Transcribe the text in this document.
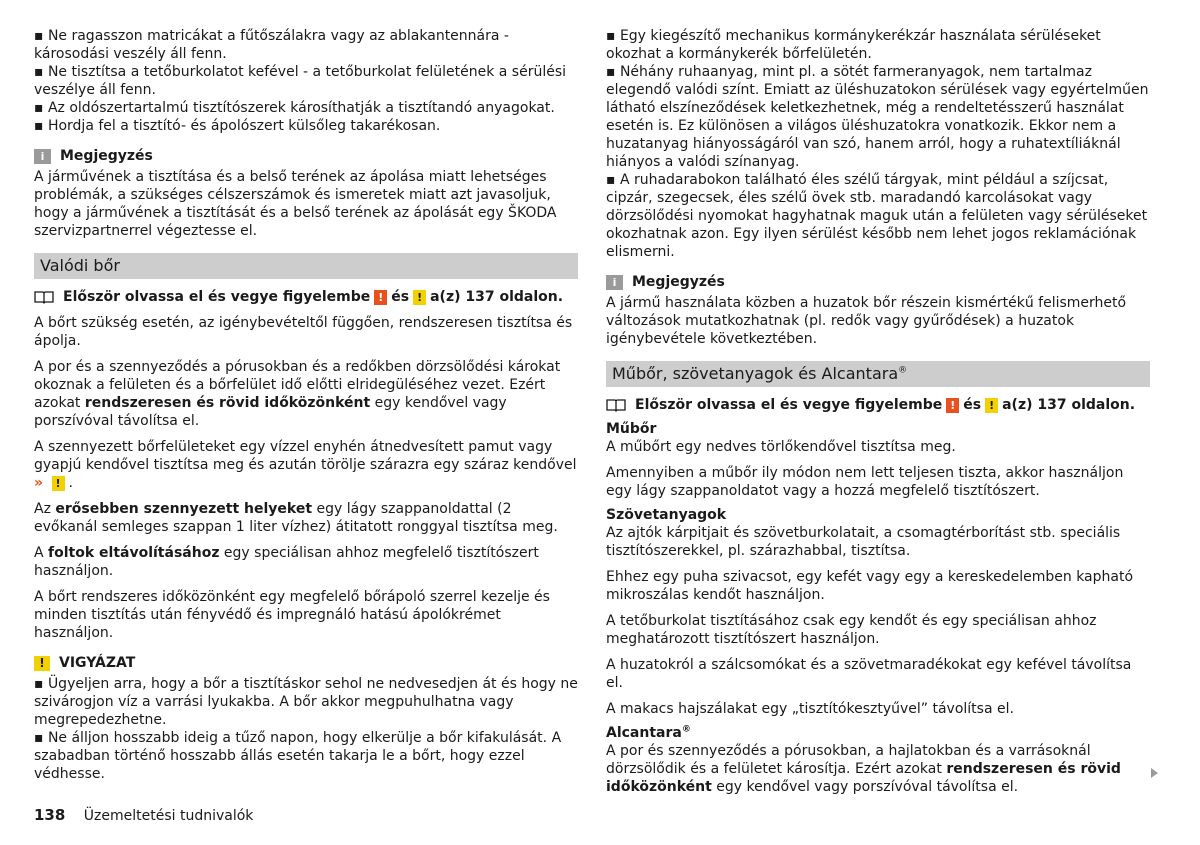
▪ Ne ragasszon matricákat a fűtőszálakra vagy az ablakantennára - károsodási veszély áll fenn.

▪ Ne tisztítsa a tetőburkolatot kefével - a tetőburkolat felületének a sérülési veszélye áll fenn.

▪ Az oldószertartalmú tisztítószerek károsíthatják a tisztítandó anyagokat.

▪ Hordja fel a tisztító- és ápolószert külsőleg takarékosan.

i	Megjegyzés

A járművének a tisztítása és a belső terének az ápolása miatt lehetséges problémák, a szükséges célszerszámok és ismeretek miatt azt javasoljuk, hogy a járművének a tisztítását és a belső terének az ápolását egy ŠKODA szervizpartnerrel végeztesse el.

Valódi bőr
Először olvassa el és vegye figyelembe ! és ! a(z) 137 oldalon.

A bőrt szükség esetén, az igénybevételtől függően, rendszeresen tisztítsa és ápolja.

A por és a szennyeződés a pórusokban és a redőkben dörzsölődési károkat okoznak a felületen és a bőrfelület idő előtti elridegüléséhez vezet. Ezért azokat rendszeresen és rövid időközönként egy kendővel vagy porszívóval távolítsa el.

A szennyezett bőrfelületeket egy vízzel enyhén átnedvesített pamut vagy gyapjú kendővel tisztítsa meg és azután törölje szárazra egy száraz kendővel » ! .

Az erősebben szennyezett helyeket egy lágy szappanoldattal (2 evőkanál semleges szappan 1 liter vízhez) átitatott ronggyal tisztítsa meg.

A foltok eltávolításához egy speciálisan ahhoz megfelelő tisztítószert használjon.

A bőrt rendszeres időközönként egy megfelelő bőrápoló szerrel kezelje és minden tisztítás után fényvédő és impregnáló hatású ápolókrémet használjon.

!	VIGYÁZAT

▪ Ügyeljen arra, hogy a bőr a tisztításkor sehol ne nedvesedjen át és hogy ne szivárogjon víz a varrási lyukakba. A bőr akkor megpuhulhatna vagy megrepedezhetne.

▪ Ne álljon hosszabb ideig a tűző napon, hogy elkerülje a bőr kifakulását. A szabadban történő hosszabb állás esetén takarja le a bőrt, hogy ezzel védhesse.

▪ Egy kiegészítő mechanikus kormánykerékzár használata sérüléseket okozhat a kormánykerék bőrfelületén.

▪ Néhány ruhaanyag, mint pl. a sötét farmeranyagok, nem tartalmaz elegendő valódi színt. Emiatt az üléshuzatokon sérülések vagy egyértelműen látható elszíneződések keletkezhetnek, még a rendeltetésszerű használat esetén is. Ez különösen a világos üléshuzatokra vonatkozik. Ekkor nem a huzatanyag hiányosságáról van szó, hanem arról, hogy a ruhatextíliáknál hiányos a valódi színanyag.

▪ A ruhadarabokon található éles szélű tárgyak, mint például a szíjcsat, cipzár, szegecsek, éles szélű övek stb. maradandó karcolásokat vagy dörzsölődési nyomokat hagyhatnak maguk után a felületen vagy sérüléseket okozhatnak azon. Egy ilyen sérülést később nem lehet jogos reklamációnak elismerni.

i	Megjegyzés

A jármű használata közben a huzatok bőr részein kismértékű felismerhető változások mutatkozhatnak (pl. redők vagy gyűrődések) a huzatok igénybevétele következtében.

Műbőr, szövetanyagok és Alcantara®
Először olvassa el és vegye figyelembe ! és ! a(z) 137 oldalon.

Műbőr

A műbőrt egy nedves törlőkendővel tisztítsa meg.

Amennyiben a műbőr ily módon nem lett teljesen tiszta, akkor használjon egy lágy szappanoldatot vagy a hozzá megfelelő tisztítószert.

Szövetanyagok

Az ajtók kárpitjait és szövetburkolatait, a csomagtérborítást stb. speciális tisztítószerekkel, pl. szárazhabbal, tisztítsa.

Ehhez egy puha szivacsot, egy kefét vagy egy a kereskedelemben kapható mikroszálas kendőt használjon.

A tetőburkolat tisztításához csak egy kendőt és egy speciálisan ahhoz meghatározott tisztítószert használjon.

A huzatokról a szálcsomókat és a szövetmaradékokat egy kefével távolítsa el.

A makacs hajszálakat egy „tisztítókesztyűvel” távolítsa el.

Alcantara®

A por és szennyeződés a pórusokban, a hajlatokban és a varrásoknál dörzsölődik és a felületet károsítja. Ezért azokat rendszeresen és rövid időközönként egy kendővel vagy porszívóval távolítsa el.

138 Üzemeltetési tudnivalók
